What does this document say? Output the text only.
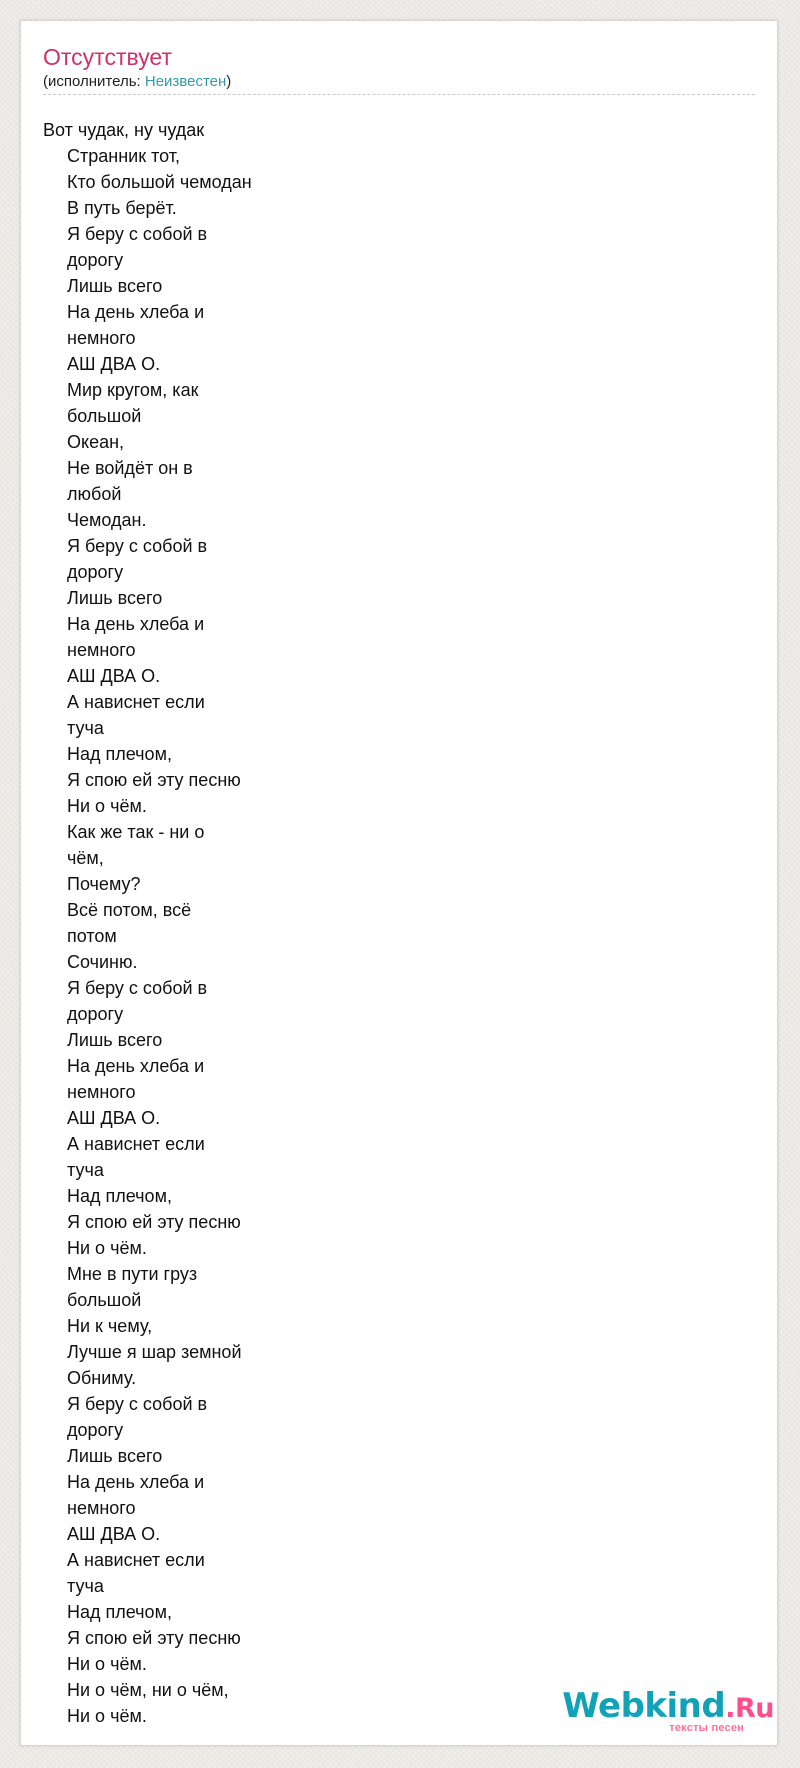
Отсутствует
(исполнитель: Неизвестен)
Вот чудак, ну чудак
Странник тот,
Кто большой чемодан
В путь берёт.
Я беру с собой в
дорогу
Лишь всего
На день хлеба и
немного
АШ ДВА О.
Мир кругом, как
большой
Океан,
Не войдёт он в
любой
Чемодан.
Я беру с собой в
дорогу
Лишь всего
На день хлеба и
немного
АШ ДВА О.
А нависнет если
туча
Над плечом,
Я спою ей эту песню
Ни о чём.
Как же так - ни о
чём,
Почему?
Всё потом, всё
потом
Сочиню.
Я беру с собой в
дорогу
Лишь всего
На день хлеба и
немного
АШ ДВА О.
А нависнет если
туча
Над плечом,
Я спою ей эту песню
Ни о чём.
Мне в пути груз
большой
Ни к чему,
Лучше я шар земной
Обниму.
Я беру с собой в
дорогу
Лишь всего
На день хлеба и
немного
АШ ДВА О.
А нависнет если
туча
Над плечом,
Я спою ей эту песню
Ни о чём.
Ни о чём, ни о чём,
Ни о чём.	Webkind.Ru
тексты песен
